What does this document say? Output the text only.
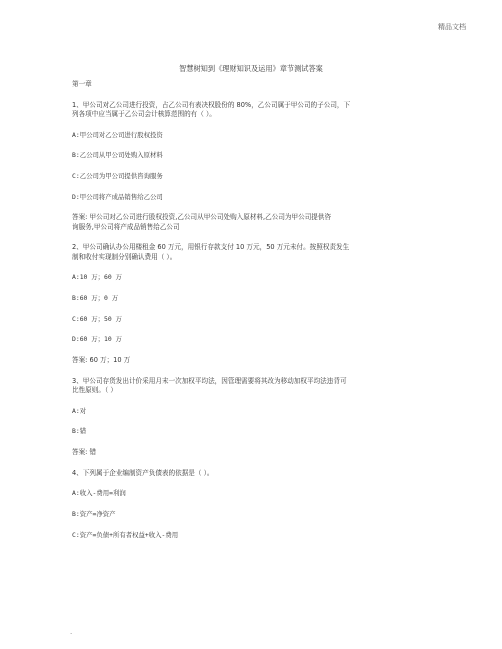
精品文档
智慧树知到《理财知识及运用》章节测试答案

第一章

1、甲公司对乙公司进行投资，占乙公司有表决权股份的 80%，乙公司属于甲公司的子公司，下

列各项中应当属于乙公司会计核算范围的有（ ）。

A:甲公司对乙公司进行股权投资

B:乙公司从甲公司处购入原材料

C:乙公司为甲公司提供咨询服务

D:甲公司将产成品销售给乙公司

答案: 甲公司对乙公司进行股权投资,乙公司从甲公司处购入原材料,乙公司为甲公司提供咨

询服务,甲公司将产成品销售给乙公司

2、甲公司确认办公用楼租金 60 万元，用银行存款支付 10 万元，50 万元未付。按照权责发生

制和收付实现制分别确认费用（ ）。

A:10 万；60 万

B:60 万；0 万

C:60 万；50 万

D:60 万；10 万

答案: 60 万；10 万

3、甲公司存货发出计价采用月末一次加权平均法，因管理需要将其改为移动加权平均法违背可

比性原则。（ ）

A:对

B:错

答案: 错

4、下列属于企业编制资产负债表的依据是（ ）。

A:收入-费用=利润

B:资产=净资产

C:资产=负债+所有者权益+收入-费用

.
